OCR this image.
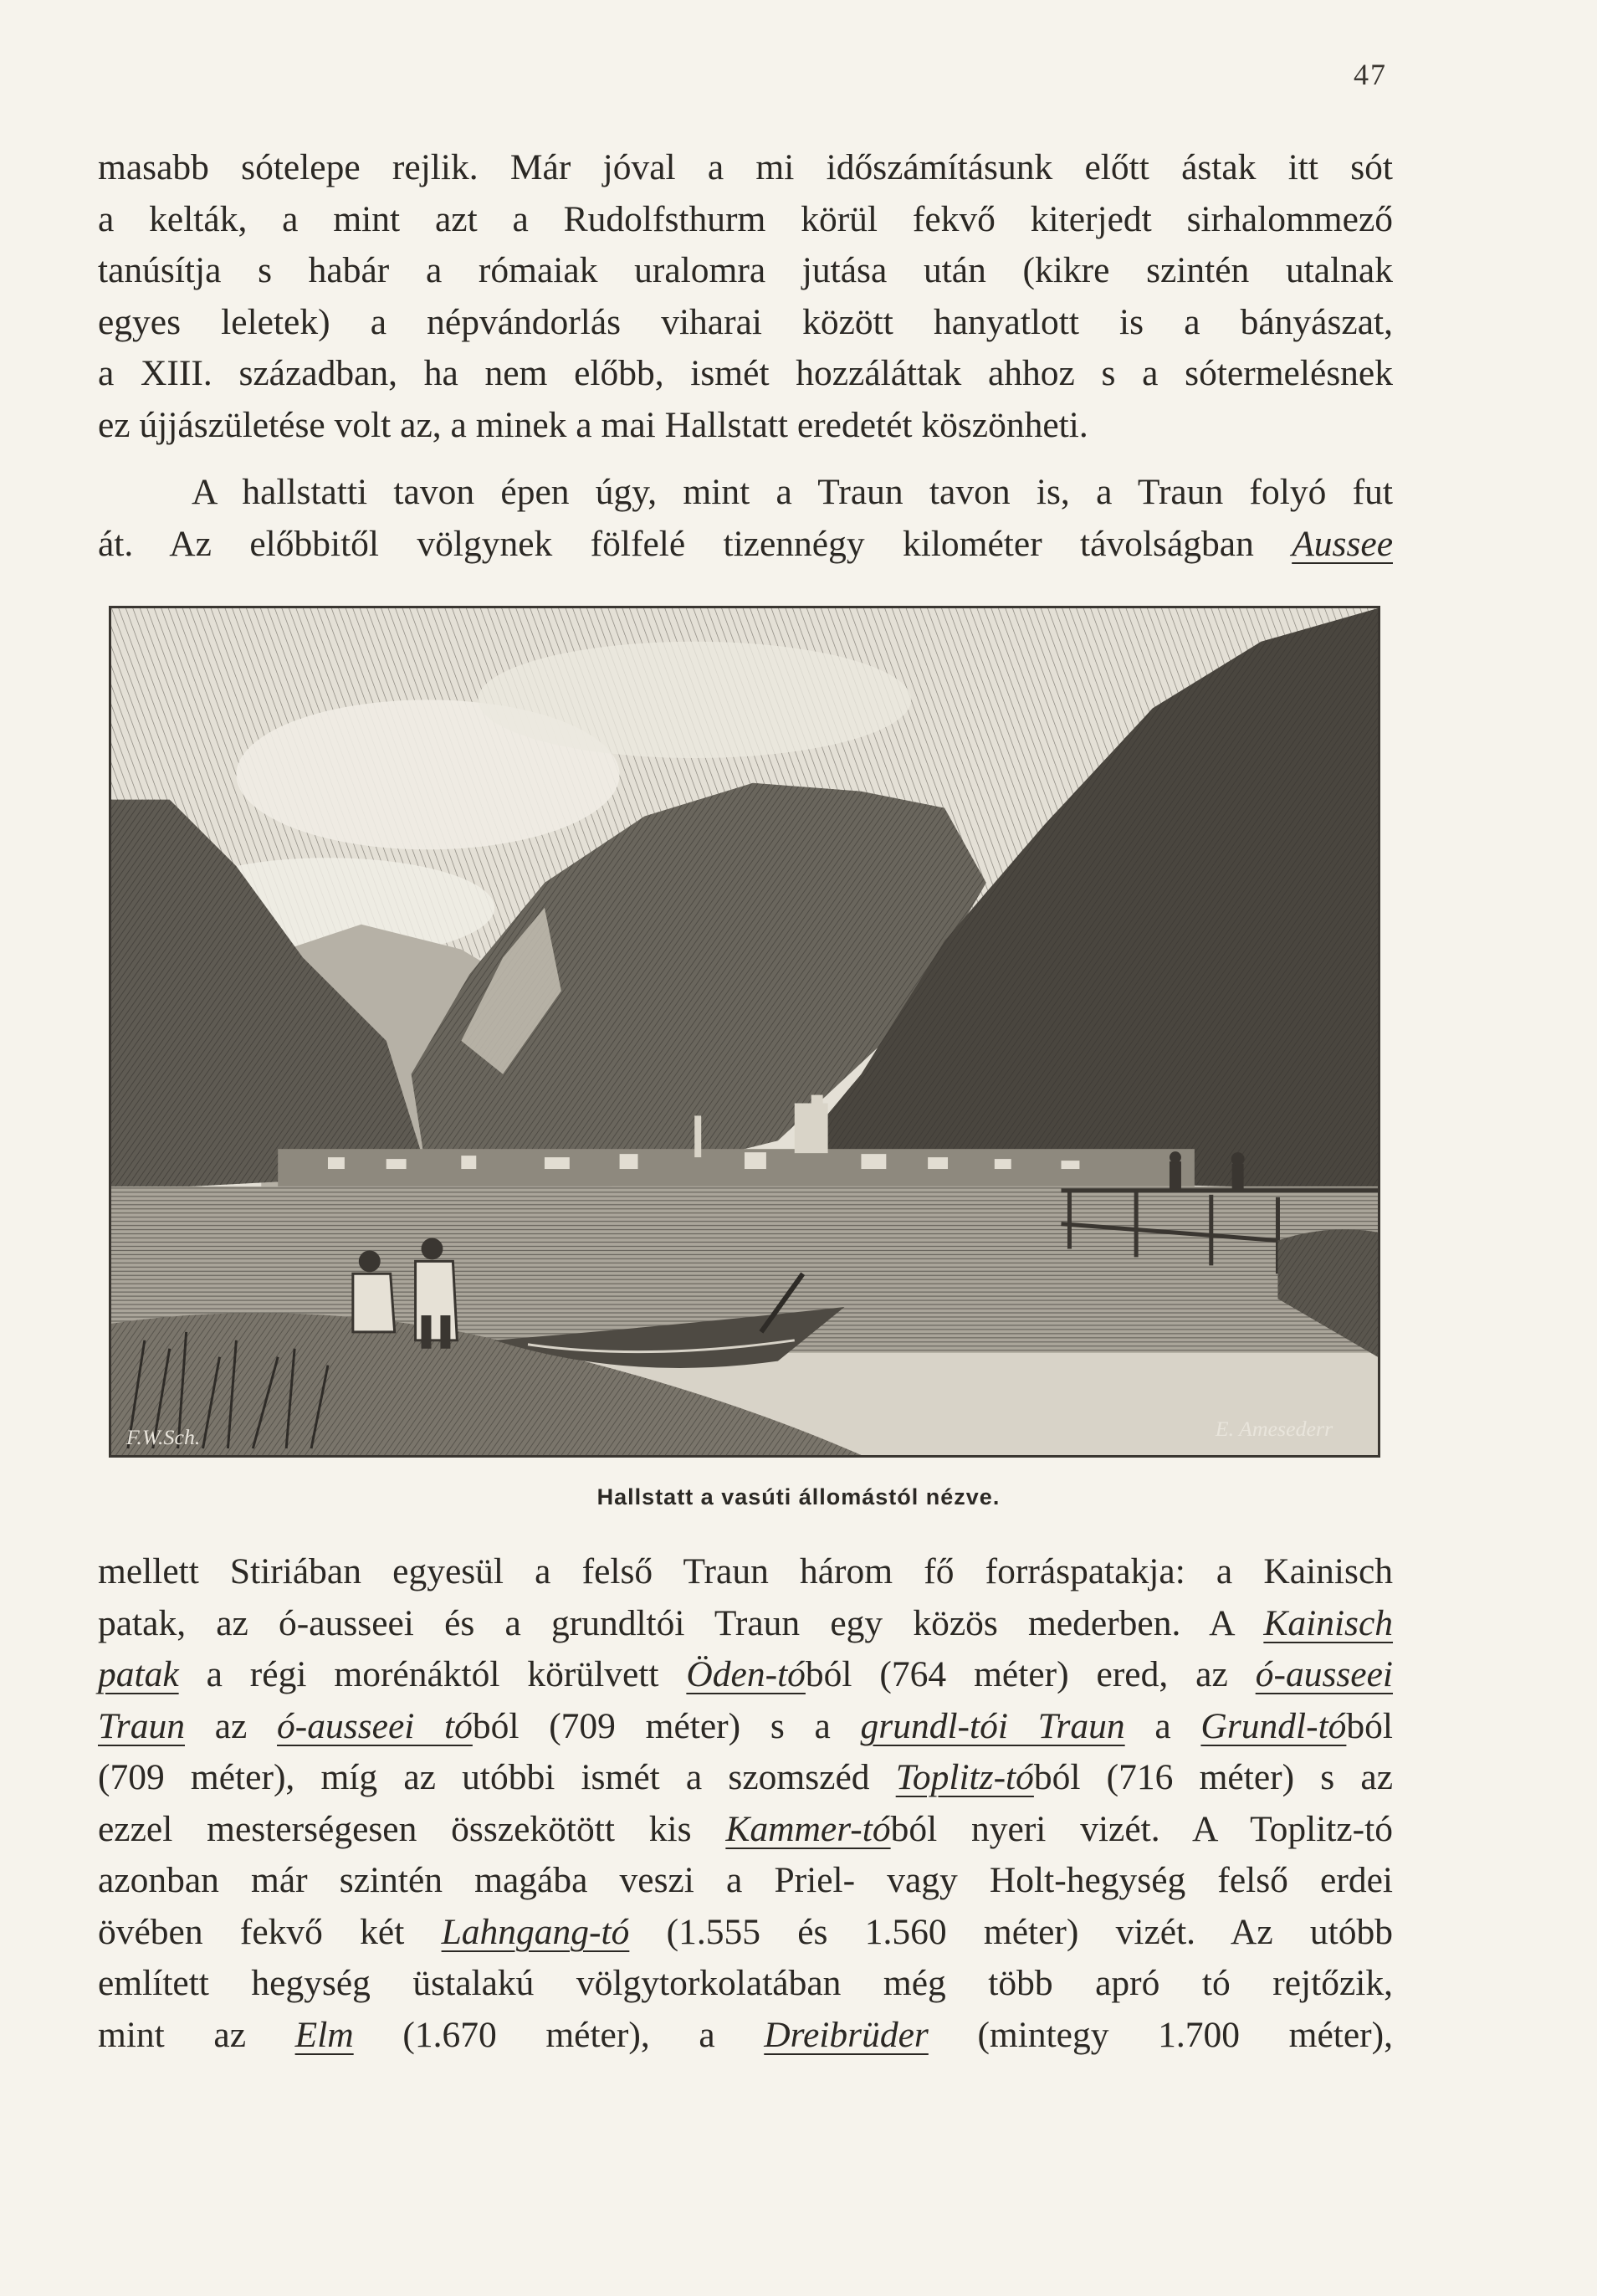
47
masabb sótelepe rejlik. Már jóval a mi időszámításunk előtt ástak itt sót
a kelták, a mint azt a Rudolfsthurm körül fekvő kiterjedt sirhalommező
tanúsítja s habár a rómaiak uralomra jutása után (kikre szintén utalnak
egyes leletek) a népvándorlás viharai között hanyatlott is a bányászat,
a XIII. században, ha nem előbb, ismét hozzáláttak ahhoz s a sótermelésnek
ez újjászületése volt az, a minek a mai Hallstatt eredetét köszönheti.
A hallstatti tavon épen úgy, mint a Traun tavon is, a Traun folyó fut
át. Az előbbitől völgynek fölfelé tizennégy kilométer távolságban Aussee
F.W.Sch.	E. Amesederr
Hallstatt a vasúti állomástól nézve.
mellett Stiriában egyesül a felső Traun három fő forráspatakja: a Kainisch
patak, az ó-ausseei és a grundltói Traun egy közös mederben. A Kainisch
patak a régi morénáktól körülvett Öden-tóból (764 méter) ered, az ó-ausseei
Traun az ó-ausseei tóból (709 méter) s a grundl-tói Traun a Grundl-tóból
(709 méter), míg az utóbbi ismét a szomszéd Toplitz-tóból (716 méter) s az
ezzel mesterségesen összekötött kis Kammer-tóból nyeri vizét. A Toplitz-tó
azonban már szintén magába veszi a Priel- vagy Holt-hegység felső erdei
övében fekvő két Lahngang-tó (1.555 és 1.560 méter) vizét. Az utóbb
említett hegység üstalakú völgytorkolatában még több apró tó rejtőzik,
mint az Elm (1.670 méter), a Dreibrüder (mintegy 1.700 méter),
